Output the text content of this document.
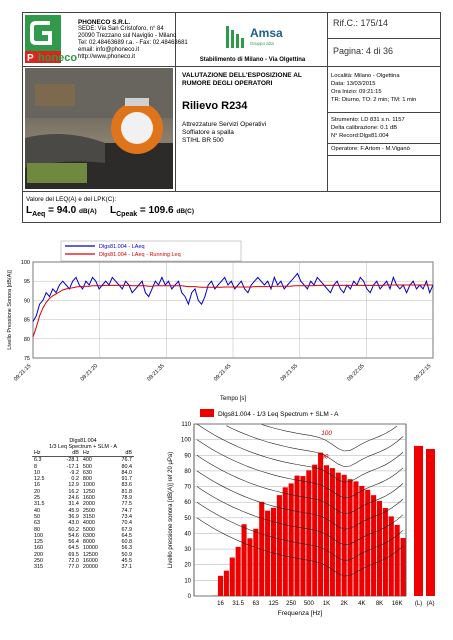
P honeco
PHONECO S.R.L.
SEDE: Via San Cristoforo, n° 84
20090 Trezzano sul Naviglio - Milano
Tel: 02.48463689 r.a. - Fax: 02.48463681
email: info@phoneco.it
http://www.phoneco.it
Amsa
Gruppo a2a
Stabilimento di Milano - Via Olgettina
Rif.C.: 175/14
Pagina: 4 di 36
VALUTAZIONE DELL'ESPOSIZIONE AL
RUMORE DEGLI OPERATORI
Rilievo R234
Attrezzature Servizi Operativi
Soffiatore a spalla
STIHL BR 500
Località: Milano - Olgettina
Data: 13/03/2015
Ora Inizio: 09:21:15
TR: Diurno, TO: 2 min; TM: 1 min
Strumento: LD 831 s.n. 1157
Delta calibrazione: 0.1 dB
N° Record:Dlgs81.004
Operatore: F.Artom - M.Viganò
Valore del LEQ(A) e del LPK(C):
$L_{Aeq} = 94.0$ dB(A) $L_{Cpeak} = 109.6$ dB(C)
Dlgs81.004 - LAeq
Dlgs81.004 - LAeq - Running Leq
75
80
85
90
95
100
09:21:15	09:21:20	09:21:35	09:21:45	09:21:55	09:22:05	09:22:15
Tempo [s]
Livello Pressione Sonora [dB(A)]
Dlgs81.004
1/3 Leq Spectrum + SLM - A
Hz	dB	Hz	dB
6.3	-28.1	400	76.7
8	-17.1	500	80.4
10	-9.2	630	84.0
12.5	0.2	800	91.7
16	12.9	1000	83.6
20	16.2	1250	81.8
25	24.6	1600	78.9
31.5	31.4	2000	77.5
40	45.9	2500	74.7
50	36.9	3150	73.4
63	43.0	4000	70.4
80	60.2	5000	67.9
100	54.6	6300	64.5
125	56.4	8000	60.8
160	64.5	10000	56.3
200	69.5	12500	50.9
250	72.0	16000	45.5
315	77.0	20000	37.1
Dlgs81.004 - 1/3 Leq Spectrum + SLM - A
0
10
20
30
40
50
60
70
80
90
100
110
100
90
16 31.5 63 125 250 500 1K 2K 4K 8K 16K (L) (A)
Frequenza [Hz]
Livello pressione sonora [dB(A)] ref 20 µPa)
